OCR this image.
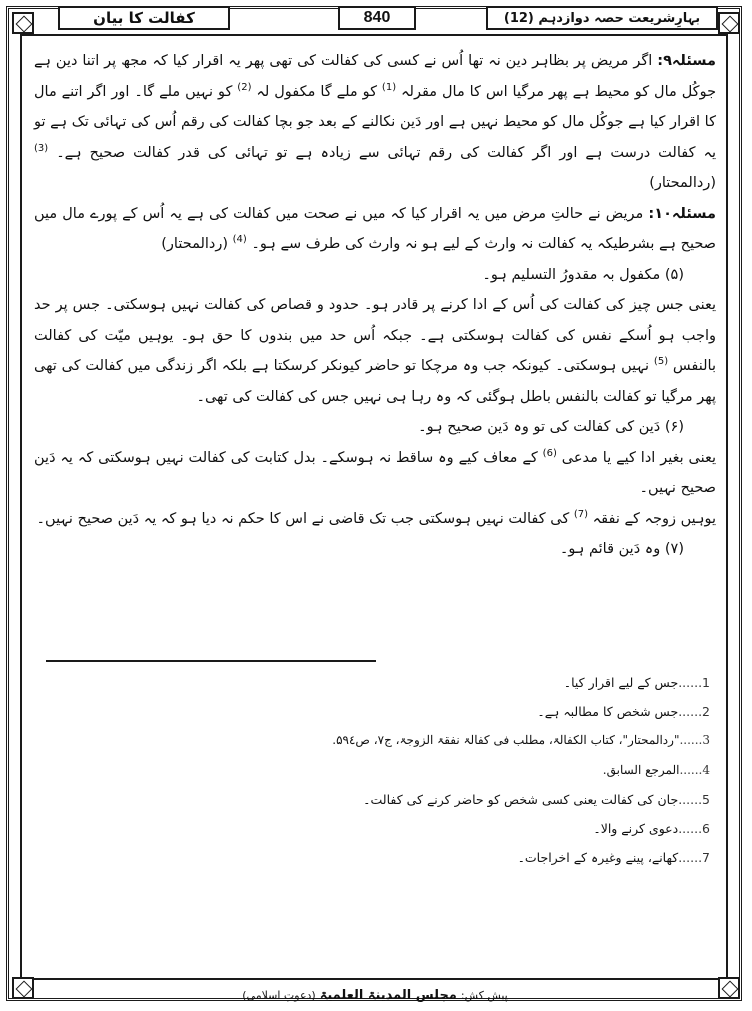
بہارِشریعت حصہ دوازدہم (12)
840
کفالت کا بیان

مسئلہ۹: اگر مریض پر بظاہر دین نہ تھا اُس نے کسی کی کفالت کی تھی پھر یہ اقرار کیا کہ مجھ پر اتنا دین ہے جوکُل مال کو محیط ہے پھر مرگیا اس کا مال مقرلہ $^{(1)}$ کو ملے گا مکفول لہ $^{(2)}$ کو نہیں ملے گا۔ اور اگر اتنے مال کا اقرار کیا ہے جوکُل مال کو محیط نہیں ہے اور دَین نکالنے کے بعد جو بچا کفالت کی رقم اُس کی تہائی تک ہے تو یہ کفالت درست ہے اور اگر کفالت کی رقم تہائی سے زیادہ ہے تو تہائی کی قدر کفالت صحیح ہے۔ $^{(3)}$ (ردالمحتار)

مسئلہ۱۰: مریض نے حالتِ مرض میں یہ اقرار کیا کہ میں نے صحت میں کفالت کی ہے یہ اُس کے پورے مال میں صحیح ہے بشرطیکہ یہ کفالت نہ وارث کے لیے ہو نہ وارث کی طرف سے ہو۔ $^{(4)}$ (ردالمحتار)

(۵) مکفول بہ مقدورُ التسلیم ہو۔

یعنی جس چیز کی کفالت کی اُس کے ادا کرنے پر قادر ہو۔ حدود و قصاص کی کفالت نہیں ہوسکتی۔ جس پر حد واجب ہو اُسکے نفس کی کفالت ہوسکتی ہے۔ جبکہ اُس حد میں بندوں کا حق ہو۔ یوہیں میّت کی کفالت بالنفس $^{(5)}$ نہیں ہوسکتی۔ کیونکہ جب وہ مرچکا تو حاضر کیونکر کرسکتا ہے بلکہ اگر زندگی میں کفالت کی تھی پھر مرگیا تو کفالت بالنفس باطل ہوگئی کہ وہ رہا ہی نہیں جس کی کفالت کی تھی۔

(۶) دَین کی کفالت کی تو وہ دَین صحیح ہو۔

یعنی بغیر ادا کیے یا مدعی $^{(6)}$ کے معاف کیے وہ ساقط نہ ہوسکے۔ بدل کتابت کی کفالت نہیں ہوسکتی کہ یہ دَین صحیح نہیں۔

یوہیں زوجہ کے نفقہ $^{(7)}$ کی کفالت نہیں ہوسکتی جب تک قاضی نے اس کا حکم نہ دیا ہو کہ یہ دَین صحیح نہیں۔

(۷) وہ دَین قائم ہو۔

1......جس کے لیے اقرار کیا۔
2......جس شخص کا مطالبہ ہے۔
3......"ردالمحتار"، کتاب الکفالۃ، مطلب فی کفالۃ نفقۃ الزوجۃ، ج۷، ص۵۹٤.
4......المرجع السابق.
5......جان کی کفالت یعنی کسی شخص کو حاضر کرنے کی کفالت۔
6......دعوی کرنے والا۔
7......کھانے، پینے وغیرہ کے اخراجات۔
پیش کش:
مجلس المدینۃ العلمیۃ
(دعوتِ اسلامی)
